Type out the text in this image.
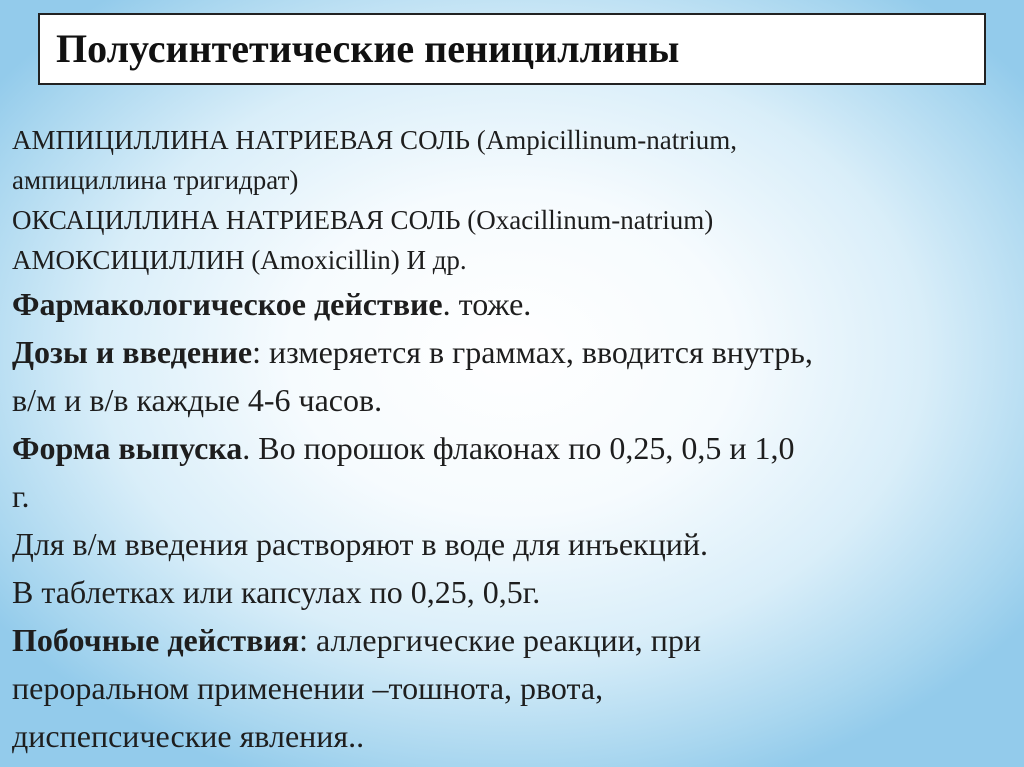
Полусинтетические пенициллины

АМПИЦИЛЛИНА НАТРИЕВАЯ СОЛЬ (Ampicillinum-natrium,

ампициллина тригидрат)

ОКСАЦИЛЛИНА НАТРИЕВАЯ СОЛЬ (Oxacillinum-natrium)

АМОКСИЦИЛЛИН (Amoxicillin) И др.

Фармакологическое действие. тоже.

Дозы и введение: измеряется в граммах, вводится внутрь,

в/м и в/в каждые 4-6 часов.

Форма выпуска. Во порошок флаконах по 0,25, 0,5 и 1,0

г.

Для в/м введения растворяют в воде для инъекций.

В таблетках или капсулах по 0,25, 0,5г.

Побочные действия: аллергические реакции, при

пероральном применении –тошнота, рвота,

диспепсические явления..
